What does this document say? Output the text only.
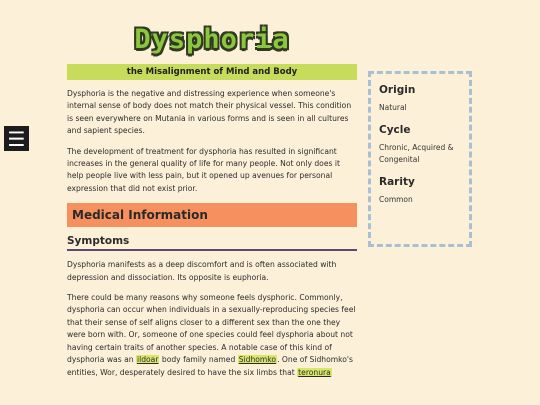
☰
Dysphoria
the Misalignment of Mind and Body

Dysphoria is the negative and distressing experience when someone's internal sense of body does not match their physical vessel. This condition is seen everywhere on Mutania in various forms and is seen in all cultures and sapient species.

The development of treatment for dysphoria has resulted in significant increases in the general quality of life for many people. Not only does it help people live with less pain, but it opened up avenues for personal expression that did not exist prior.

Medical Information
Symptoms

Dysphoria manifests as a deep discomfort and is often associated with depression and dissociation. Its opposite is euphoria.

There could be many reasons why someone feels dysphoric. Commonly, dysphoria can occur when individuals in a sexually-reproducing species feel that their sense of self aligns closer to a different sex than the one they were born with. Or, someone of one species could feel dysphoria about not having certain traits of another species. A notable case of this kind of dysphoria was an ildoar body family named Sidhomko. One of Sidhomko's entities, Wor, desperately desired to have the six limbs that teronura

Origin
Natural
Cycle
Chronic, Acquired & Congenital
Rarity
Common
